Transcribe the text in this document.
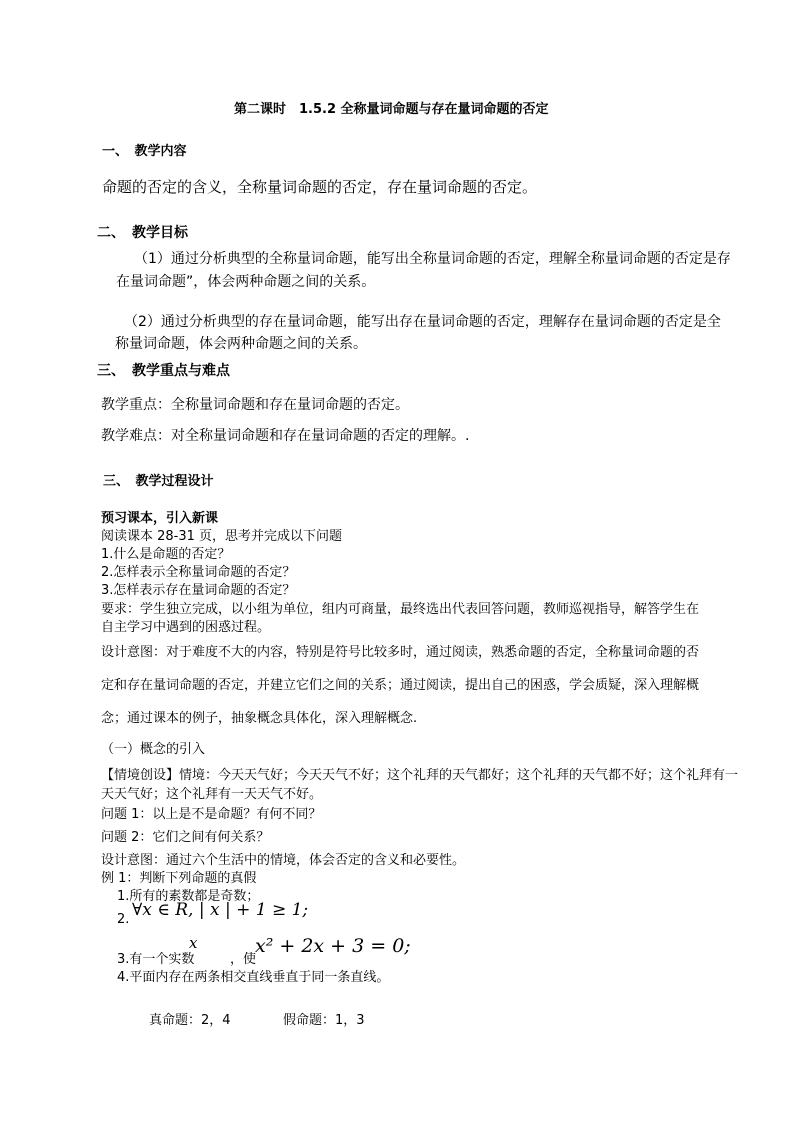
第二课时　1.5.2 全称量词命题与存在量词命题的否定
一、　教学内容
命题的否定的含义，全称量词命题的否定，存在量词命题的否定。
二、　教学目标
（1）通过分析典型的全称量词命题，能写出全称量词命题的否定，理解全称量词命题的否定是存
在量词命题”，体会两种命题之间的关系。
（2）通过分析典型的存在量词命题，能写出存在量词命题的否定，理解存在量词命题的否定是全
称量词命题，体会两种命题之间的关系。
三、　教学重点与难点
教学重点：全称量词命题和存在量词命题的否定。
教学难点：对全称量词命题和存在量词命题的否定的理解。.
三、　教学过程设计
预习课本，引入新课
阅读课本 28-31 页，思考并完成以下问题
1.什么是命题的否定？
2.怎样表示全称量词命题的否定？
3.怎样表示存在量词命题的否定？
要求：学生独立完成，以小组为单位，组内可商量，最终选出代表回答问题，教师巡视指导，解答学生在
自主学习中遇到的困惑过程。
设计意图：对于难度不大的内容，特别是符号比较多时，通过阅读，熟悉命题的否定，全称量词命题的否
定和存在量词命题的否定，并建立它们之间的关系；通过阅读，提出自己的困惑，学会质疑，深入理解概
念；通过课本的例子，抽象概念具体化，深入理解概念.
（一）概念的引入
【情境创设】情境：今天天气好；今天天气不好；这个礼拜的天气都好；这个礼拜的天气都不好；这个礼拜有一
天天气好；这个礼拜有一天天气不好。
问题 1：以上是不是命题？有何不同？
问题 2：它们之间有何关系？
设计意图：通过六个生活中的情境，体会否定的含义和必要性。
例 1：判断下列命题的真假
1.所有的素数都是奇数；
2. ∀x ∈ R, | x | + 1 ≥ 1;
3.有一个实数
x
，使
x² + 2x + 3 = 0;
4.平面内存在两条相交直线垂直于同一条直线。
真命题：2，4	假命题：1，3
